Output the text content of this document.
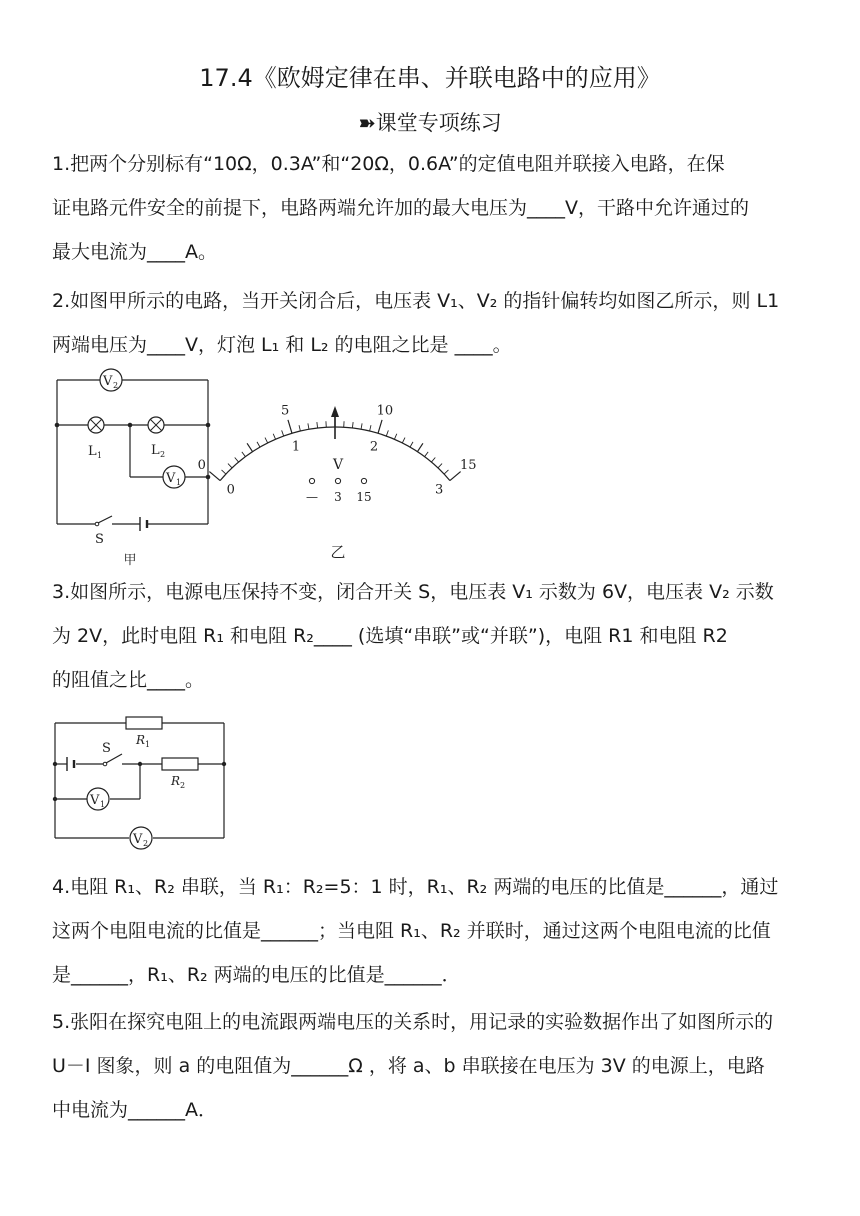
17.4《欧姆定律在串、并联电路中的应用》
➽课堂专项练习
1.把两个分别标有“10Ω，0.3A”和“20Ω，0.6A”的定值电阻并联接入电路，在保
证电路元件安全的前提下，电路两端允许加的最大电压为____V，干路中允许通过的
最大电流为____A。
2.如图甲所示的电路，当开关闭合后，电压表 V₁、V₂ 的指针偏转均如图乙所示，则 L1
两端电压为____V，灯泡 L₁ 和 L₂ 的电阻之比是 ____。
V 2
L 1	L 2
V 1
S
甲
0
5	10
15
0
1	2
3
V
— 3 15
乙
3.如图所示，电源电压保持不变，闭合开关 S，电压表 V₁ 示数为 6V，电压表 V₂ 示数
为 2V，此时电阻 R₁ 和电阻 R₂____ (选填“串联”或“并联”)，电阻 R1 和电阻 R2
的阻值之比____。
R 1
S
R 2
V 1
V 2
4.电阻 R₁、R₂ 串联，当 R₁：R₂=5：1 时，R₁、R₂ 两端的电压的比值是______，通过
这两个电阻电流的比值是______；当电阻 R₁、R₂ 并联时，通过这两个电阻电流的比值
是______，R₁、R₂ 两端的电压的比值是______．
5.张阳在探究电阻上的电流跟两端电压的关系时，用记录的实验数据作出了如图所示的
U－I 图象，则 a 的电阻值为______Ω ，将 a、b 串联接在电压为 3V 的电源上，电路
中电流为______A．
